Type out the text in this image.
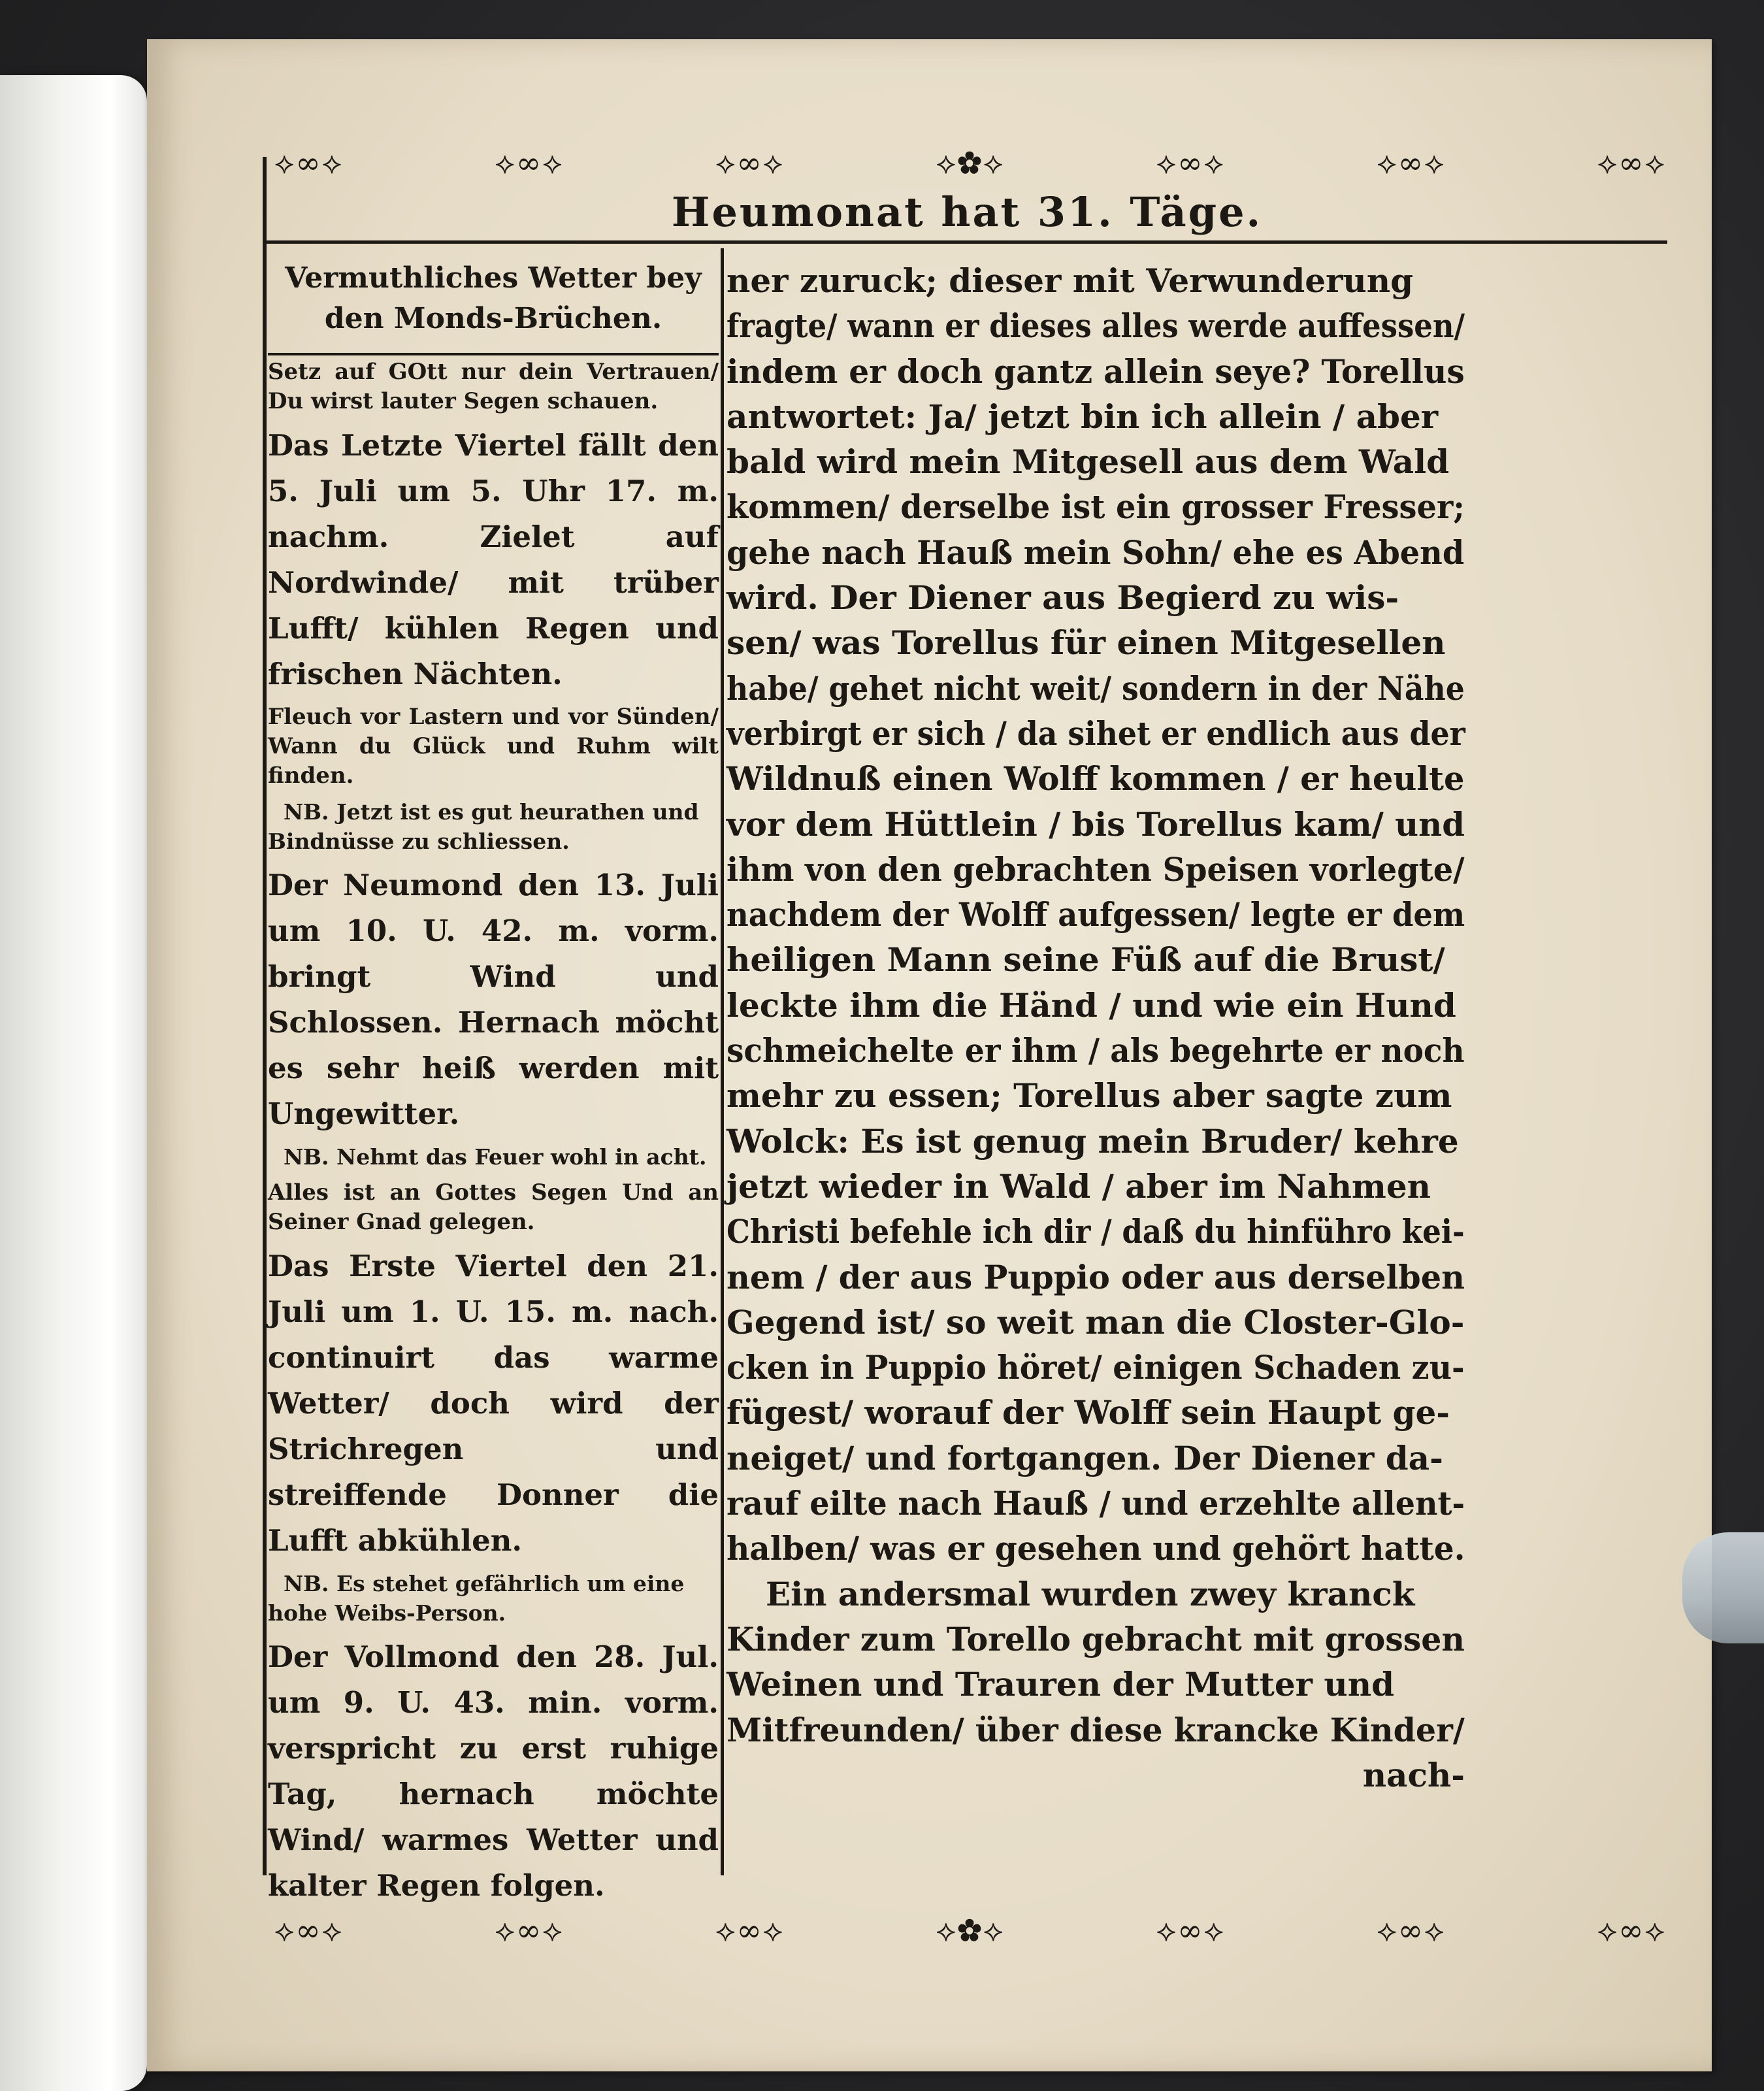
⟡∞⟡	⟡∞⟡	⟡∞⟡	⟡✿⟡	⟡∞⟡	⟡∞⟡	⟡∞⟡
Heumonat hat 31. Täge.
Vermuthliches Wetter bey den Monds-Brüchen.
Setz auf GOtt nur dein Vertrauen/ Du wirst lauter Segen schauen.
Das Letzte Viertel fällt den 5. Juli um 5. Uhr 17. m. nachm. Zielet auf Nordwinde/ mit trüber Lufft/ kühlen Regen und frischen Nächten.
Fleuch vor Lastern und vor Sünden/ Wann du Glück und Ruhm wilt finden.
NB. Jetzt ist es gut heurathen und Bindnüsse zu schliessen.
Der Neumond den 13. Juli um 10. U. 42. m. vorm. bringt Wind und Schlossen. Hernach möcht es sehr heiß werden mit Ungewitter.
NB. Nehmt das Feuer wohl in acht.
Alles ist an Gottes Segen Und an Seiner Gnad gelegen.
Das Erste Viertel den 21. Juli um 1. U. 15. m. nach. continuirt das warme Wetter/ doch wird der Strichregen und streiffende Donner die Lufft abkühlen.
NB. Es stehet gefährlich um eine hohe Weibs-Person.
Der Vollmond den 28. Jul. um 9. U. 43. min. vorm. verspricht zu erst ruhige Tag, hernach möchte Wind/ warmes Wetter und kalter Regen folgen.
ner zuruck; dieser mit Verwunderung
fragte/ wann er dieses alles werde auffessen/
indem er doch gantz allein seye? Torellus
antwortet: Ja/ jetzt bin ich allein / aber
bald wird mein Mitgesell aus dem Wald
kommen/ derselbe ist ein grosser Fresser;
gehe nach Hauß mein Sohn/ ehe es Abend
wird. Der Diener aus Begierd zu wis-
sen/ was Torellus für einen Mitgesellen
habe/ gehet nicht weit/ sondern in der Nähe
verbirgt er sich / da sihet er endlich aus der
Wildnuß einen Wolff kommen / er heulte
vor dem Hüttlein / bis Torellus kam/ und
ihm von den gebrachten Speisen vorlegte/
nachdem der Wolff aufgessen/ legte er dem
heiligen Mann seine Füß auf die Brust/
leckte ihm die Händ / und wie ein Hund
schmeichelte er ihm / als begehrte er noch
mehr zu essen; Torellus aber sagte zum
Wolck: Es ist genug mein Bruder/ kehre
jetzt wieder in Wald / aber im Nahmen
Christi befehle ich dir / daß du hinführo kei-
nem / der aus Puppio oder aus derselben
Gegend ist/ so weit man die Closter-Glo-
cken in Puppio höret/ einigen Schaden zu-
fügest/ worauf der Wolff sein Haupt ge-
neiget/ und fortgangen. Der Diener da-
rauf eilte nach Hauß / und erzehlte allent-
halben/ was er gesehen und gehört hatte.
Ein andersmal wurden zwey kranck
Kinder zum Torello gebracht mit grossen
Weinen und Trauren der Mutter und
Mitfreunden/ über diese krancke Kinder/
nach-
⟡∞⟡	⟡∞⟡	⟡∞⟡	⟡✿⟡	⟡∞⟡	⟡∞⟡	⟡∞⟡
